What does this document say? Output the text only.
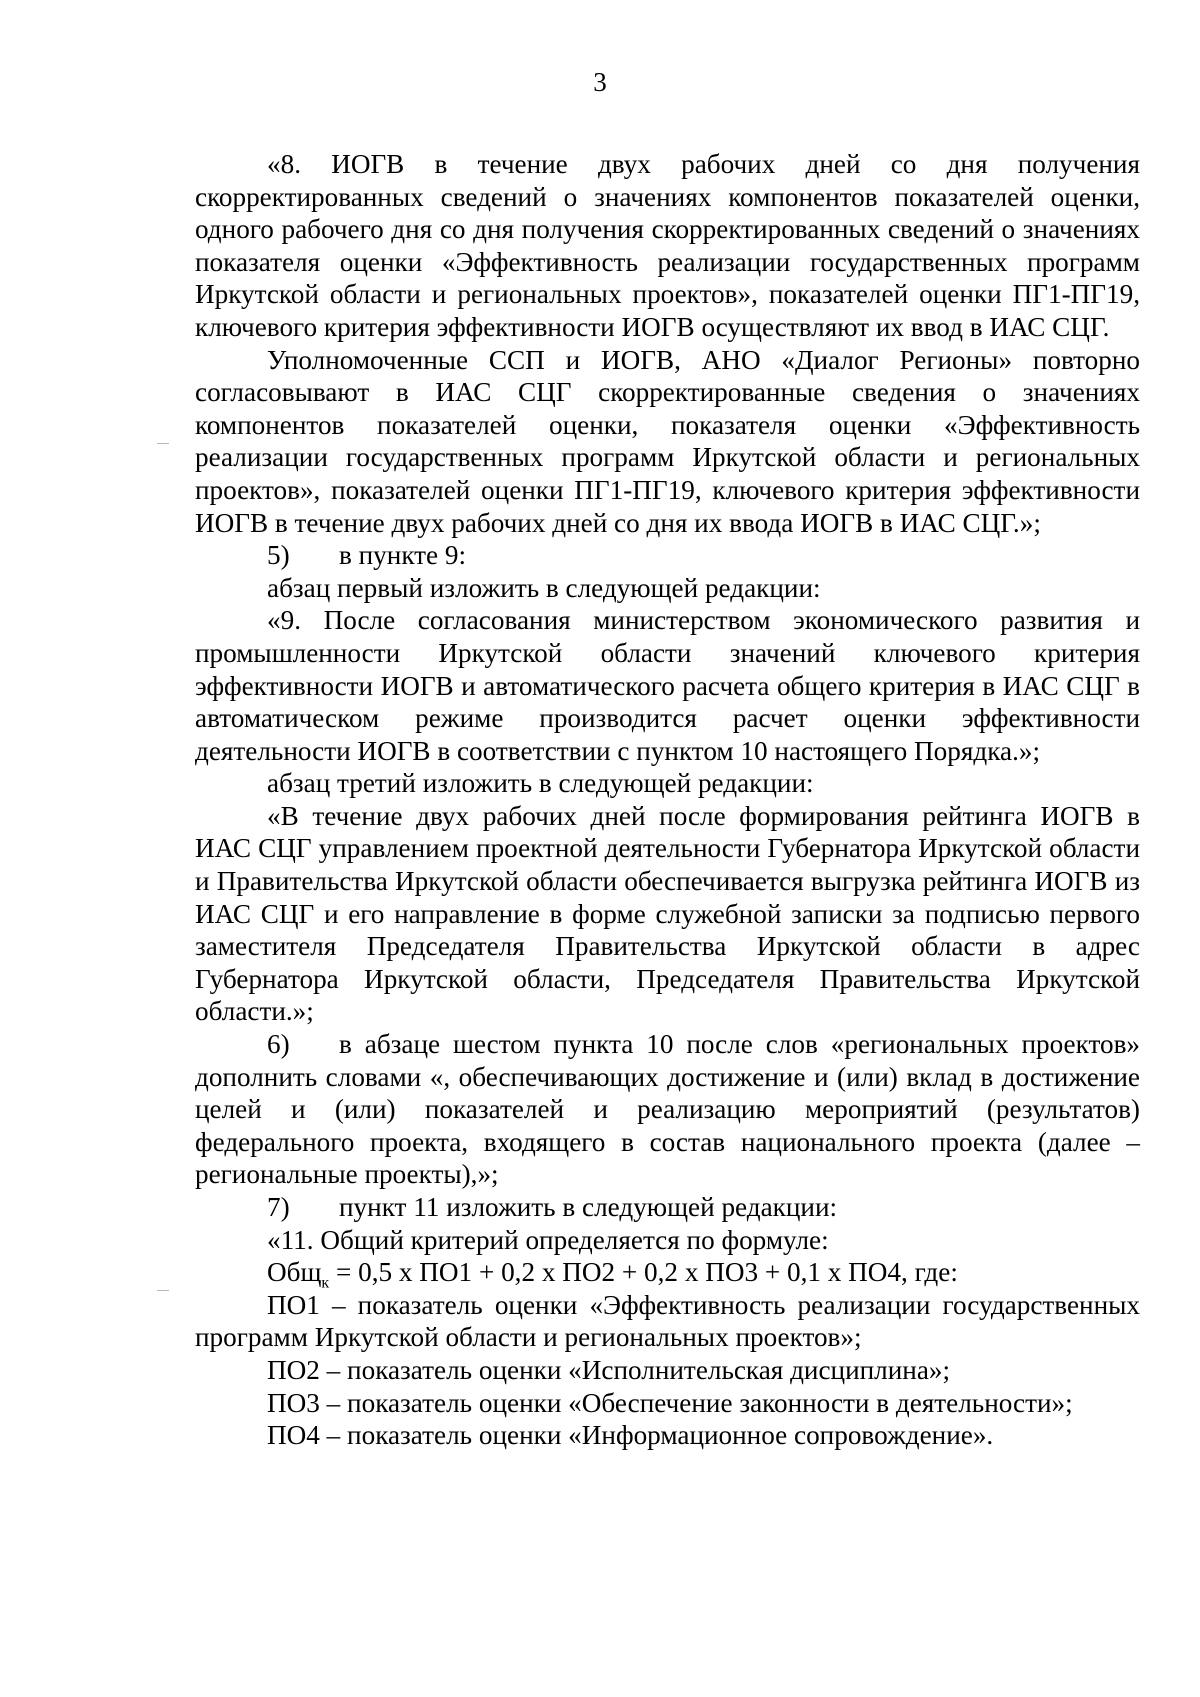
3

«8. ИОГВ в течение двух рабочих дней со дня получения скорректированных сведений о значениях компонентов показателей оценки, одного рабочего дня со дня получения скорректированных сведений о значениях показателя оценки «Эффективность реализации государственных программ Иркутской области и региональных проектов», показателей оценки ПГ1-ПГ19, ключевого критерия эффективности ИОГВ осуществляют их ввод в ИАС СЦГ.

Уполномоченные ССП и ИОГВ, АНО «Диалог Регионы» повторно согласовывают в ИАС СЦГ скорректированные сведения о значениях компонентов показателей оценки, показателя оценки «Эффективность реализации государственных программ Иркутской области и региональных проектов», показателей оценки ПГ1-ПГ19, ключевого критерия эффективности ИОГВ в течение двух рабочих дней со дня их ввода ИОГВ в ИАС СЦГ.»;

5) в пункте 9:

абзац первый изложить в следующей редакции:

«9. После согласования министерством экономического развития и промышленности Иркутской области значений ключевого критерия эффективности ИОГВ и автоматического расчета общего критерия в ИАС СЦГ в автоматическом режиме производится расчет оценки эффективности деятельности ИОГВ в соответствии с пунктом 10 настоящего Порядка.»;

абзац третий изложить в следующей редакции:

«В течение двух рабочих дней после формирования рейтинга ИОГВ в ИАС СЦГ управлением проектной деятельности Губернатора Иркутской области и Правительства Иркутской области обеспечивается выгрузка рейтинга ИОГВ из ИАС СЦГ и его направление в форме служебной записки за подписью первого заместителя Председателя Правительства Иркутской области в адрес Губернатора Иркутской области, Председателя Правительства Иркутской области.»;

6) в абзаце шестом пункта 10 после слов «региональных проектов» дополнить словами «, обеспечивающих достижение и (или) вклад в достижение целей и (или) показателей и реализацию мероприятий (результатов) федерального проекта, входящего в состав национального проекта (далее – региональные проекты),»;

7) пункт 11 изложить в следующей редакции:

«11. Общий критерий определяется по формуле:

Общ$_к$ = 0,5 х ПО1 + 0,2 х ПО2 + 0,2 х ПО3 + 0,1 х ПО4, где:

ПО1 – показатель оценки «Эффективность реализации государственных программ Иркутской области и региональных проектов»;

ПО2 – показатель оценки «Исполнительская дисциплина»;

ПО3 – показатель оценки «Обеспечение законности в деятельности»;

ПО4 – показатель оценки «Информационное сопровождение».
